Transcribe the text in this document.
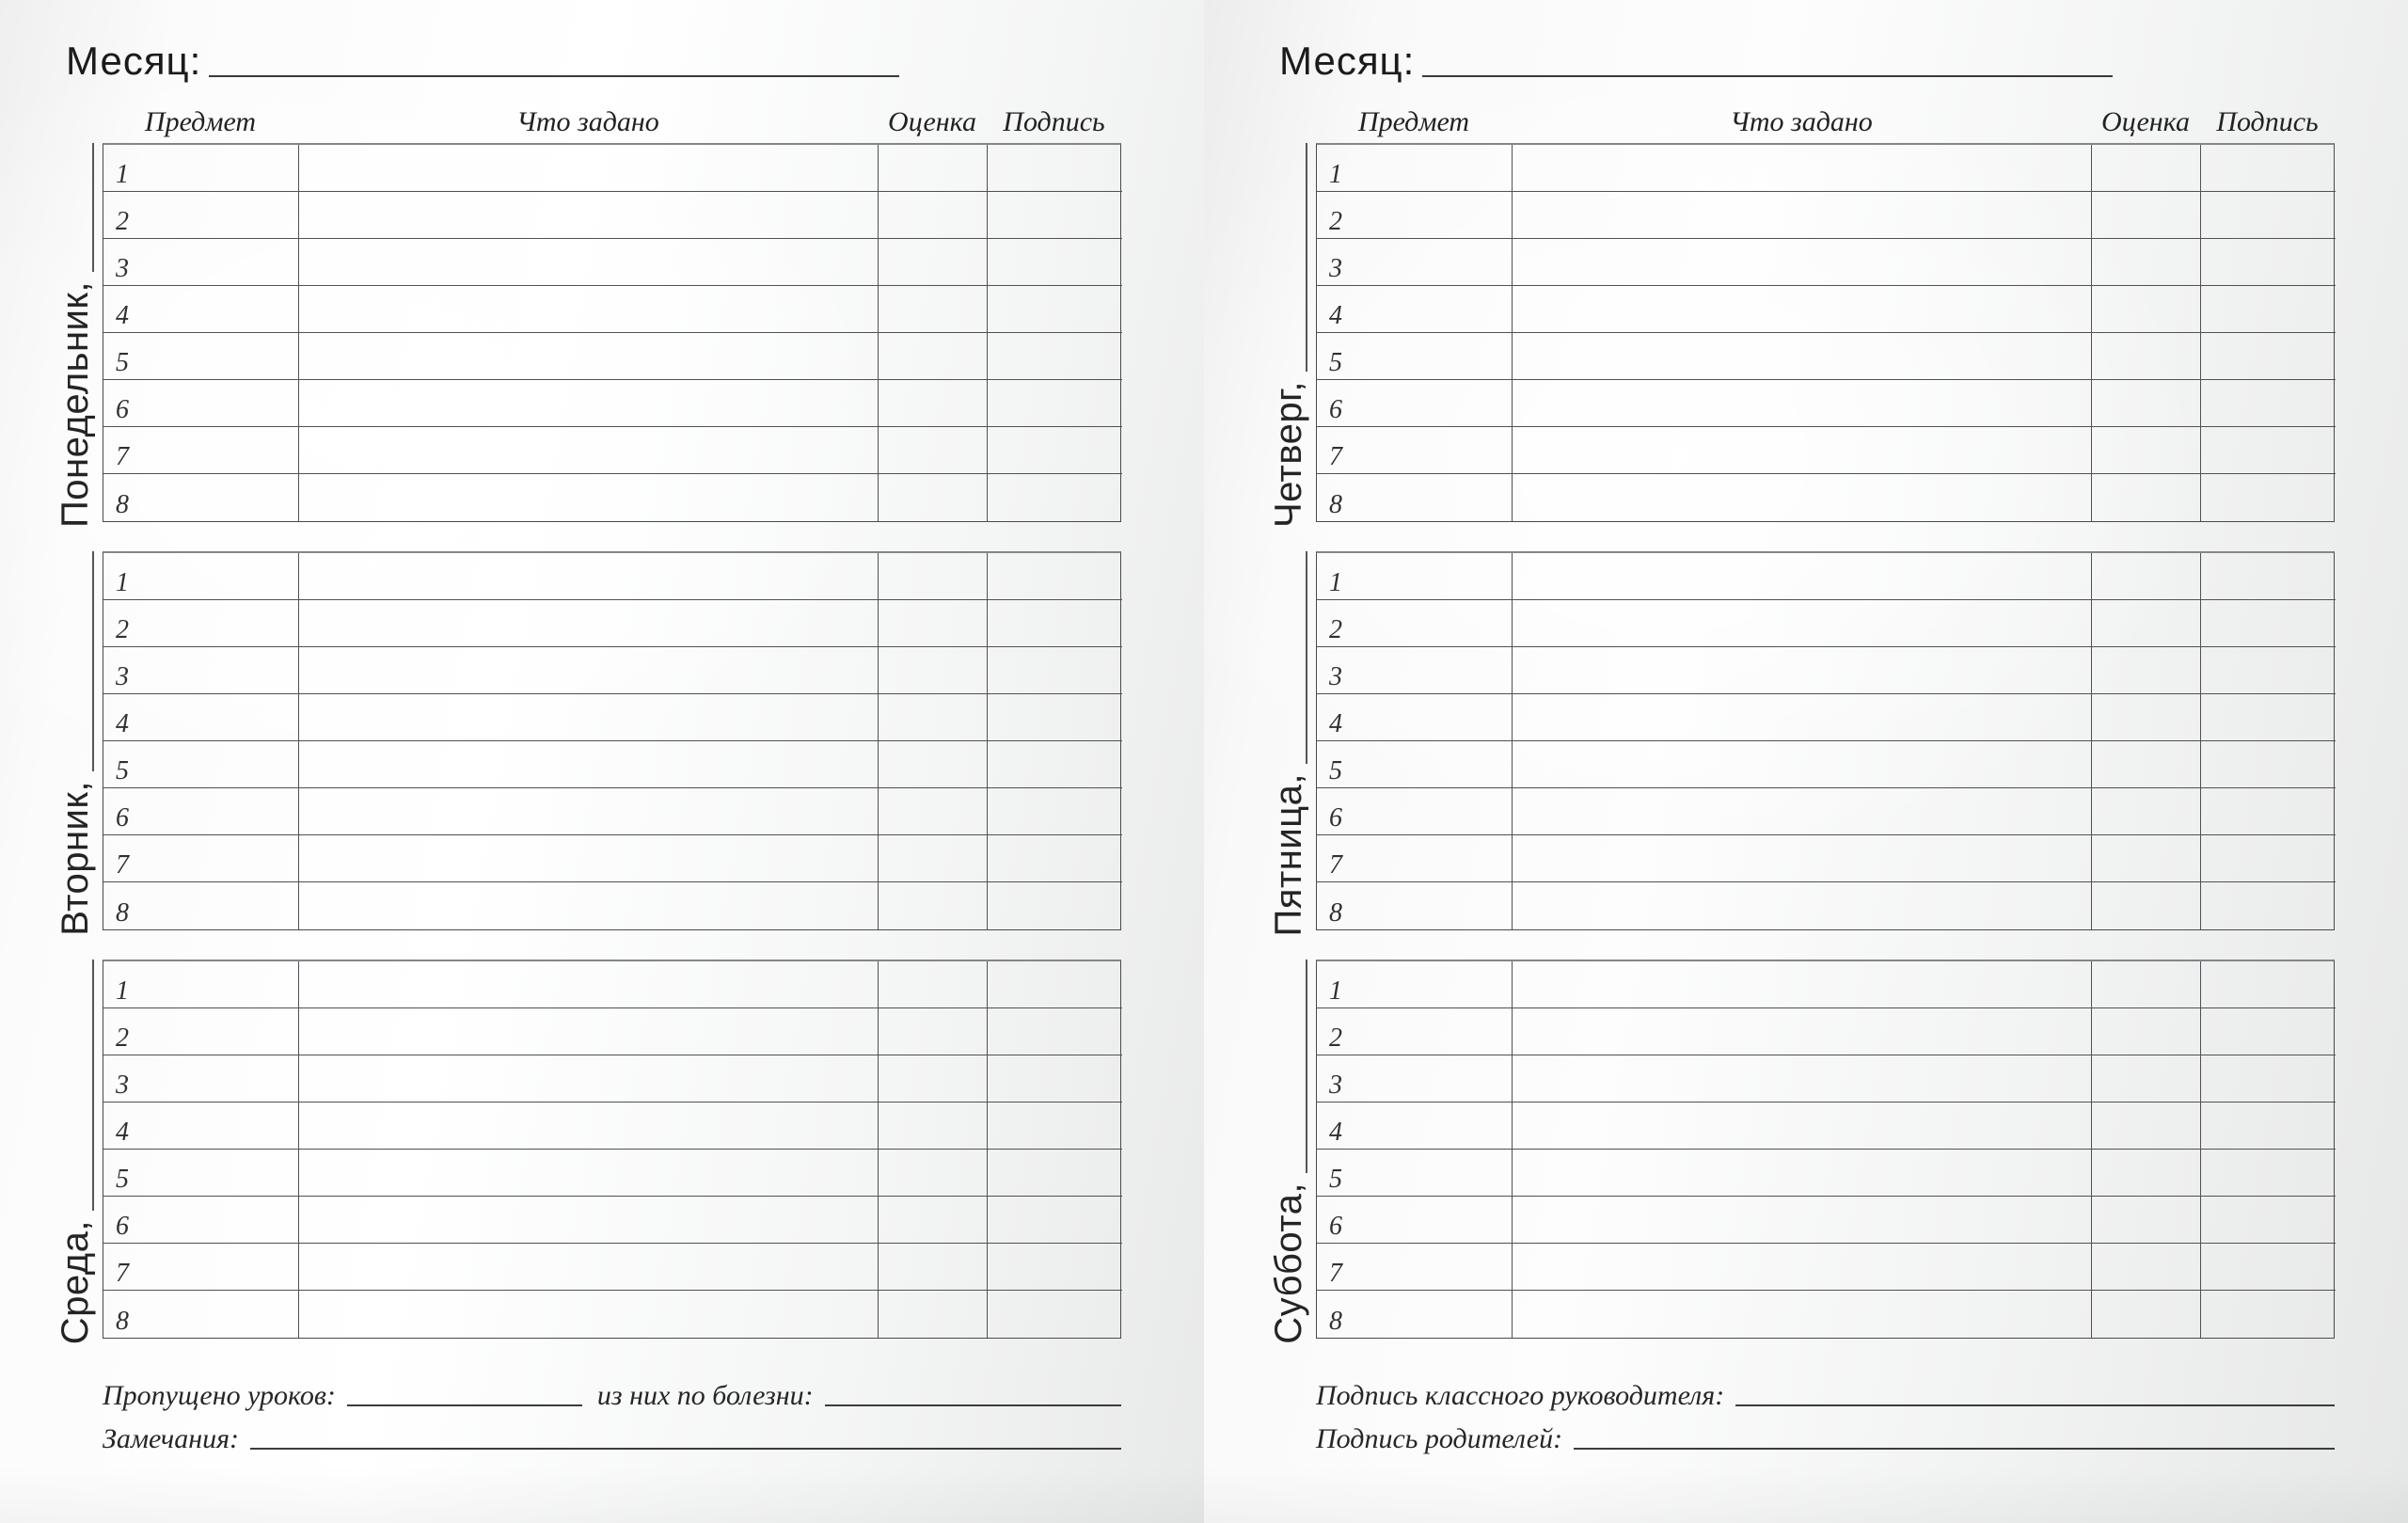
Месяц:
Предмет	Что задано	Оценка Подпись
Понедельник,
1
2
3
4
5
6
7
8
Вторник,
1
2
3
4
5
6
7
8
Среда,
1
2
3
4
5
6
7
8
Пропущено уроков:	из них по болезни:
Замечания:
Месяц:
Предмет	Что задано	Оценка Подпись
Четверг,
1
2
3
4
5
6
7
8
Пятница,
1
2
3
4
5
6
7
8
Суббота,
1
2
3
4
5
6
7
8
Подпись классного руководителя:
Подпись родителей:
